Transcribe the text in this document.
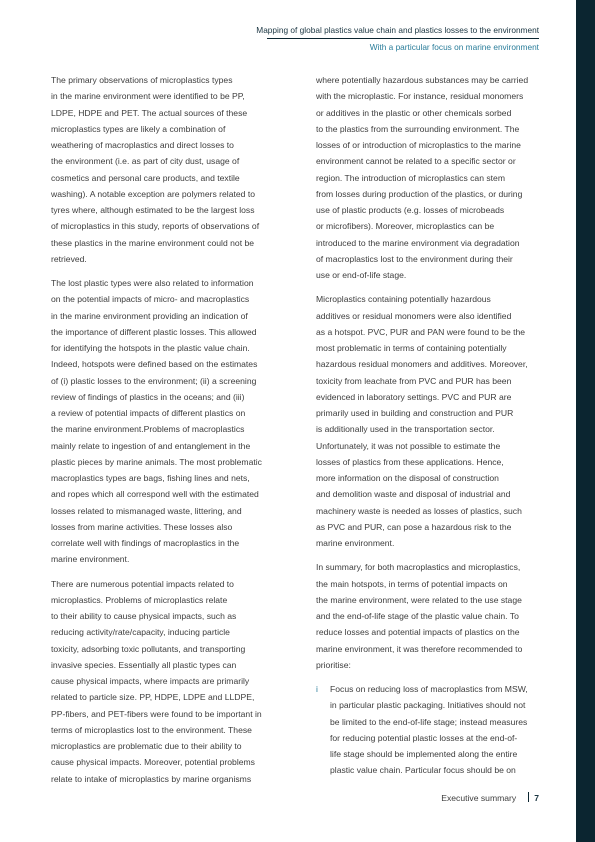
Mapping of global plastics value chain and plastics losses to the environment
With a particular focus on marine environment
The primary observations of microplastics types
in the marine environment were identified to be PP,
LDPE, HDPE and PET. The actual sources of these
microplastics types are likely a combination of
weathering of macroplastics and direct losses to
the environment (i.e. as part of city dust, usage of
cosmetics and personal care products, and textile
washing). A notable exception are polymers related to
tyres where, although estimated to be the largest loss
of microplastics in this study, reports of observations of
these plastics in the marine environment could not be
retrieved.
The lost plastic types were also related to information
on the potential impacts of micro- and macroplastics
in the marine environment providing an indication of
the importance of different plastic losses. This allowed
for identifying the hotspots in the plastic value chain.
Indeed, hotspots were defined based on the estimates
of (i) plastic losses to the environment; (ii) a screening
review of findings of plastics in the oceans; and (iii)
a review of potential impacts of different plastics on
the marine environment.Problems of macroplastics
mainly relate to ingestion of and entanglement in the
plastic pieces by marine animals. The most problematic
macroplastics types are bags, fishing lines and nets,
and ropes which all correspond well with the estimated
losses related to mismanaged waste, littering, and
losses from marine activities. These losses also
correlate well with findings of macroplastics in the
marine environment.
There are numerous potential impacts related to
microplastics. Problems of microplastics relate
to their ability to cause physical impacts, such as
reducing activity/rate/capacity, inducing particle
toxicity, adsorbing toxic pollutants, and transporting
invasive species. Essentially all plastic types can
cause physical impacts, where impacts are primarily
related to particle size. PP, HDPE, LDPE and LLDPE,
PP-fibers, and PET-fibers were found to be important in
terms of microplastics lost to the environment. These
microplastics are problematic due to their ability to
cause physical impacts. Moreover, potential problems
relate to intake of microplastics by marine organisms
where potentially hazardous substances may be carried
with the microplastic. For instance, residual monomers
or additives in the plastic or other chemicals sorbed
to the plastics from the surrounding environment. The
losses of or introduction of microplastics to the marine
environment cannot be related to a specific sector or
region. The introduction of microplastics can stem
from losses during production of the plastics, or during
use of plastic products (e.g. losses of microbeads
or microfibers). Moreover, microplastics can be
introduced to the marine environment via degradation
of macroplastics lost to the environment during their
use or end-of-life stage.
Microplastics containing potentially hazardous
additives or residual monomers were also identified
as a hotspot. PVC, PUR and PAN were found to be the
most problematic in terms of containing potentially
hazardous residual monomers and additives. Moreover,
toxicity from leachate from PVC and PUR has been
evidenced in laboratory settings. PVC and PUR are
primarily used in building and construction and PUR
is additionally used in the transportation sector.
Unfortunately, it was not possible to estimate the
losses of plastics from these applications. Hence,
more information on the disposal of construction
and demolition waste and disposal of industrial and
machinery waste is needed as losses of plastics, such
as PVC and PUR, can pose a hazardous risk to the
marine environment.
In summary, for both macroplastics and microplastics,
the main hotspots, in terms of potential impacts on
the marine environment, were related to the use stage
and the end-of-life stage of the plastic value chain. To
reduce losses and potential impacts of plastics on the
marine environment, it was therefore recommended to
prioritise:
i Focus on reducing loss of macroplastics from MSW,
in particular plastic packaging. Initiatives should not
be limited to the end-of-life stage; instead measures
for reducing potential plastic losses at the end-of-
life stage should be implemented along the entire
plastic value chain. Particular focus should be on
Executive summary 7
